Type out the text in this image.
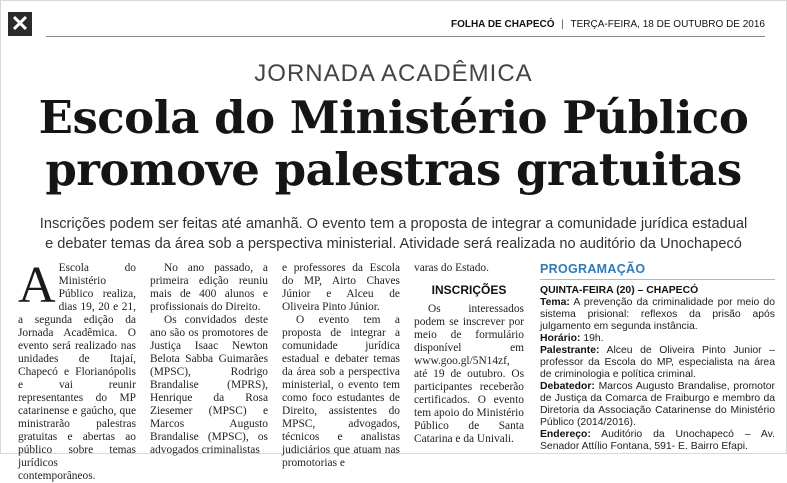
✕	FOLHA DE CHAPECÓ | TERÇA-FEIRA, 18 DE OUTUBRO DE 2016
JORNADA ACADÊMICA
Escola do Ministério Público
promove palestras gratuitas
Inscrições podem ser feitas até amanhã. O evento tem a proposta de integrar a comunidade jurídica estadual
e debater temas da área sob a perspectiva ministerial. Atividade será realizada no auditório da Unochapecó
A Escola do Ministério Público realiza, dias 19, 20 e 21, a segunda edição da Jornada Acadêmica. O evento será realizado nas unidades de Itajaí, Chapecó e Florianópolis e vai reunir representantes do MP catarinense e gaúcho, que ministrarão palestras gratuitas e abertas ao público sobre temas jurídicos contemporâneos.

No ano passado, a primeira edição reuniu mais de 400 alunos e profissionais do Direito.

Os convidados deste ano são os promotores de Justiça Isaac Newton Belota Sabba Guimarães (MPSC), Rodrigo Brandalise (MPRS), Henrique da Rosa Ziesemer (MPSC) e Marcos Augusto Brandalise (MPSC), os advogados criminalistas

e professores da Escola do MP, Airto Chaves Júnior e Alceu de Oliveira Pinto Júnior.

O evento tem a proposta de integrar a comunidade jurídica estadual e debater temas da área sob a perspectiva ministerial, o evento tem como foco estudantes de Direito, assistentes do MPSC, advogados, técnicos e analistas judiciários que atuam nas promotorias e

varas do Estado.

INSCRIÇÕES

Os interessados podem se inscrever por meio de formulário disponível em www.goo.gl/5N14zf, até 19 de outubro. Os participantes receberão certificados. O evento tem apoio do Ministério Público de Santa Catarina e da Univali.

PROGRAMAÇÃO
QUINTA-FEIRA (20) – CHAPECÓ
Tema: A prevenção da criminalidade por meio do sistema prisional: reflexos da prisão após julgamento em segunda instância.
Horário: 19h.
Palestrante: Alceu de Oliveira Pinto Junior – professor da Escola do MP, especialista na área de criminologia e política criminal.
Debatedor: Marcos Augusto Brandalise, promotor de Justiça da Comarca de Fraiburgo e membro da Diretoria da Associação Catarinense do Ministério Público (2014/2016).
Endereço: Auditório da Unochapecó – Av. Senador Attílio Fontana, 591- E. Bairro Efapi.
